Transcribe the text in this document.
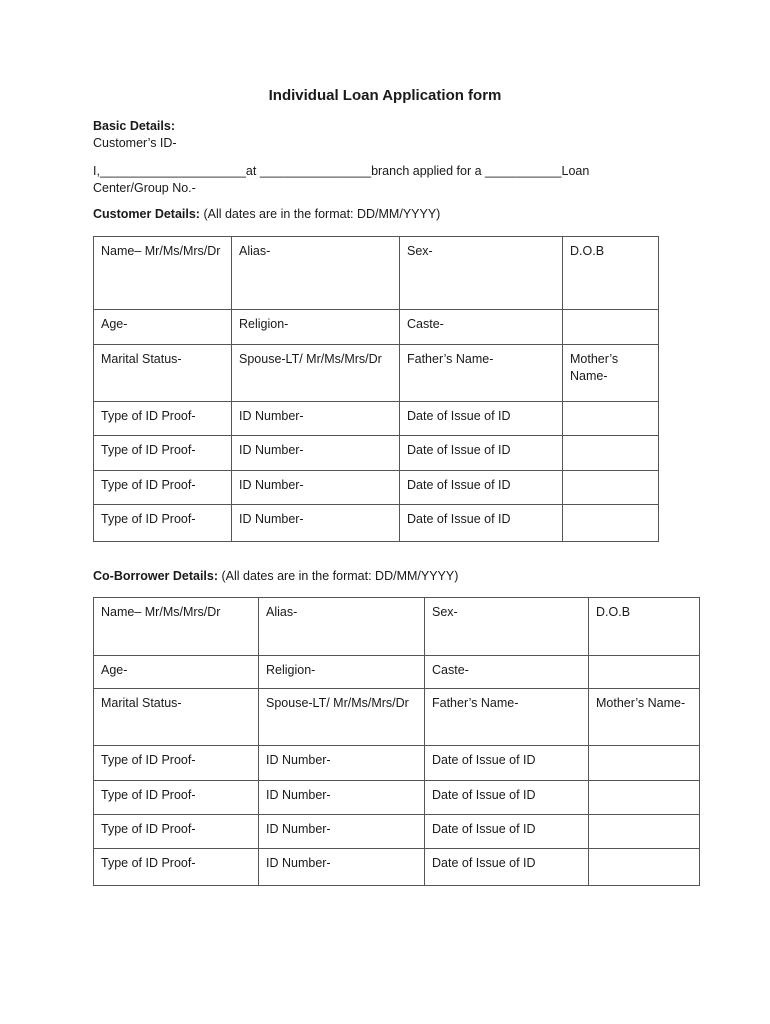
Individual Loan Application form
Basic Details:
Customer’s ID-
I,_____________________at ________________branch applied for a ___________Loan
Center/Group No.-
Customer Details: (All dates are in the format: DD/MM/YYYY)
Name– Mr/Ms/Mrs/Dr	Alias-	Sex-	D.O.B
Age-	Religion-	Caste-	
Marital Status-	Spouse-LT/ Mr/Ms/Mrs/Dr	Father’s Name-	Mother’s Name-
Type of ID Proof-	ID Number-	Date of Issue of ID	
Type of ID Proof-	ID Number-	Date of Issue of ID	
Type of ID Proof-	ID Number-	Date of Issue of ID	
Type of ID Proof-	ID Number-	Date of Issue of ID	
Co-Borrower Details: (All dates are in the format: DD/MM/YYYY)
Name– Mr/Ms/Mrs/Dr	Alias-	Sex-	D.O.B
Age-	Religion-	Caste-	
Marital Status-	Spouse-LT/ Mr/Ms/Mrs/Dr	Father’s Name-	Mother’s Name-
Type of ID Proof-	ID Number-	Date of Issue of ID	
Type of ID Proof-	ID Number-	Date of Issue of ID	
Type of ID Proof-	ID Number-	Date of Issue of ID	
Type of ID Proof-	ID Number-	Date of Issue of ID	
